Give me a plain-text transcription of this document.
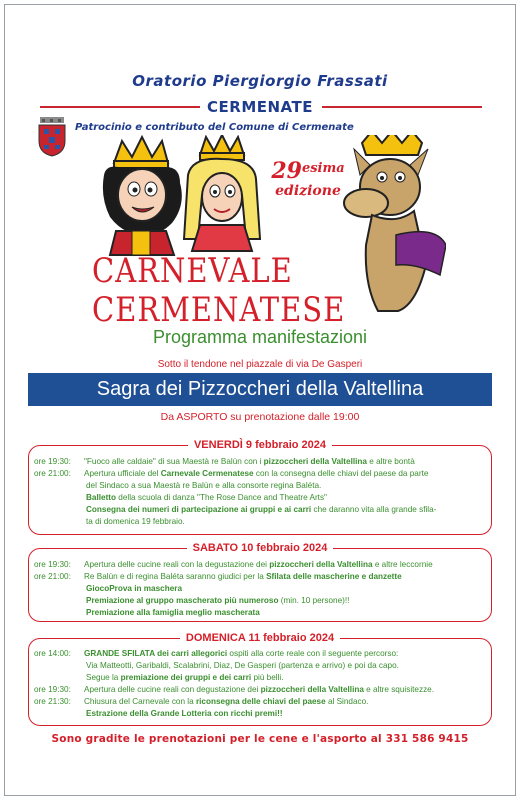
Oratorio Piergiorgio Frassati
CERMENATE
Patrocinio e contributo del Comune di Cermenate
$29^{esima}$
edizione
CARNEVALE CERMENATESE
Programma manifestazioni
Sotto il tendone nel piazzale di via De Gasperi
Sagra dei Pizzoccheri della Valtellina
Da ASPORTO su prenotazione dalle 19:00
VENERDÌ 9 febbraio 2024
ore 19:30: "Fuoco alle caldaie" di sua Maestà re Balùn con i pizzoccheri della Valtellina e altre bontà
ore 21:00: Apertura ufficiale del Carnevale Cermenatese con la consegna delle chiavi del paese da parte
del Sindaco a sua Maestà re Balùn e alla consorte regina Baléta.
Balletto della scuola di danza "The Rose Dance and Theatre Arts"
Consegna dei numeri di partecipazione ai gruppi e ai carri che daranno vita alla grande sfila-
ta di domenica 19 febbraio.
SABATO 10 febbraio 2024
ore 19:30: Apertura delle cucine reali con la degustazione dei pizzoccheri della Valtellina e altre leccornie
ore 21:00: Re Balùn e di regina Baléta saranno giudici per la Sfilata delle mascherine e danzette
GiocoProva in maschera
Premiazione al gruppo mascherato più numeroso (min. 10 persone)!!
Premiazione alla famiglia meglio mascherata
DOMENICA 11 febbraio 2024
ore 14:00: GRANDE SFILATA dei carri allegorici ospiti alla corte reale con il seguente percorso:
Via Matteotti, Garibaldi, Scalabrini, Diaz, De Gasperi (partenza e arrivo) e poi da capo.
Segue la premiazione dei gruppi e dei carri più belli.
ore 19:30: Apertura delle cucine reali con degustazione dei pizzoccheri della Valtellina e altre squisitezze.
ore 21:30: Chiusura del Carnevale con la riconsegna delle chiavi del paese al Sindaco.
Estrazione della Grande Lotteria con ricchi premi!!
Sono gradite le prenotazioni per le cene e l'asporto al 331 586 9415
